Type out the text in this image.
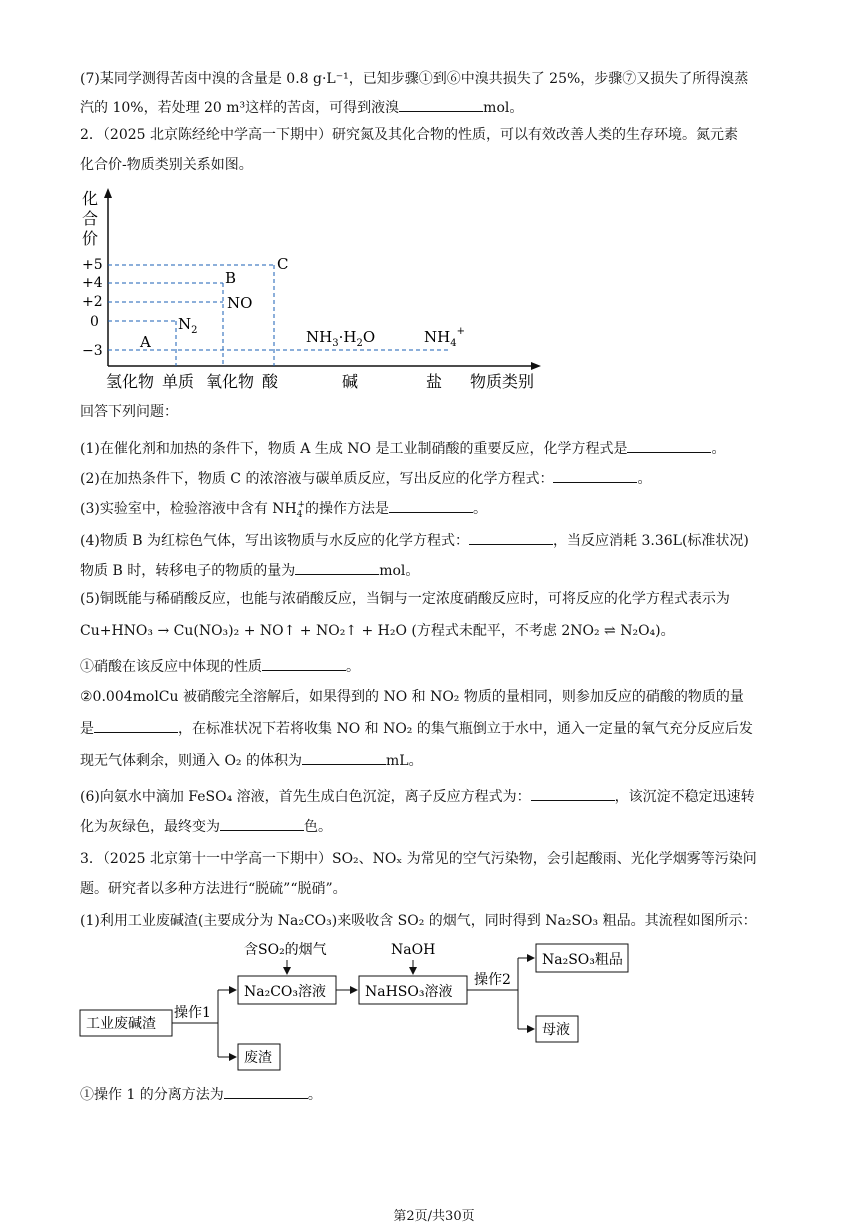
(7)某同学测得苦卤中溴的含量是 0.8 g·L⁻¹，已知步骤①到⑥中溴共损失了 25%，步骤⑦又损失了所得溴蒸
汽的 10%，若处理 20 m³这样的苦卤，可得到液溴	mol。
2．（2025 北京陈经纶中学高一下期中）研究氮及其化合物的性质，可以有效改善人类的生存环境。氮元素
化合价-物质类别关系如图。
化
合
价
+5
+4
+2
0
−3
C
B
NO
$N_2$
A	$NH_3\cdot H_2O$	$NH_4^+$
氢化物 单质 氧化物 酸	碱	盐 物质类别
回答下列问题：
(1)在催化剂和加热的条件下，物质 A 生成 NO 是工业制硝酸的重要反应，化学方程式是	。
(2)在加热条件下，物质 C 的浓溶液与碳单质反应，写出反应的化学方程式：	。
(3)实验室中，检验溶液中含有 $NH_4^+$的操作方法是	。
(4)物质 B 为红棕色气体，写出该物质与水反应的化学方程式：	，当反应消耗 3.36L(标准状况)
物质 B 时，转移电子的物质的量为	mol。
(5)铜既能与稀硝酸反应，也能与浓硝酸反应，当铜与一定浓度硝酸反应时，可将反应的化学方程式表示为
Cu+HNO₃ → Cu(NO₃)₂ + NO↑ + NO₂↑ + H₂O (方程式未配平，不考虑 2NO₂ ⇌ N₂O₄)。
①硝酸在该反应中体现的性质	。
②0.004molCu 被硝酸完全溶解后，如果得到的 NO 和 NO₂ 物质的量相同，则参加反应的硝酸的物质的量
是	，在标准状况下若将收集 NO 和 NO₂ 的集气瓶倒立于水中，通入一定量的氧气充分反应后发
现无气体剩余，则通入 O₂ 的体积为	mL。
(6)向氨水中滴加 FeSO₄ 溶液，首先生成白色沉淀，离子反应方程式为：	，该沉淀不稳定迅速转
化为灰绿色，最终变为	色。
3．（2025 北京第十一中学高一下期中）SO₂、NOₓ 为常见的空气污染物，会引起酸雨、光化学烟雾等污染问
题。研究者以多种方法进行“脱硫”“脱硝”。
(1)利用工业废碱渣(主要成分为 Na₂CO₃)来吸收含 SO₂ 的烟气，同时得到 Na₂SO₃ 粗品。其流程如图所示：
含SO₂的烟气	NaOH
Na₂CO₃溶液	NaHSO₃溶液
Na₂SO₃粗品
操作2
操作1
工业废碱渣
废渣
母液
①操作 1 的分离方法为	。
第2页/共30页
